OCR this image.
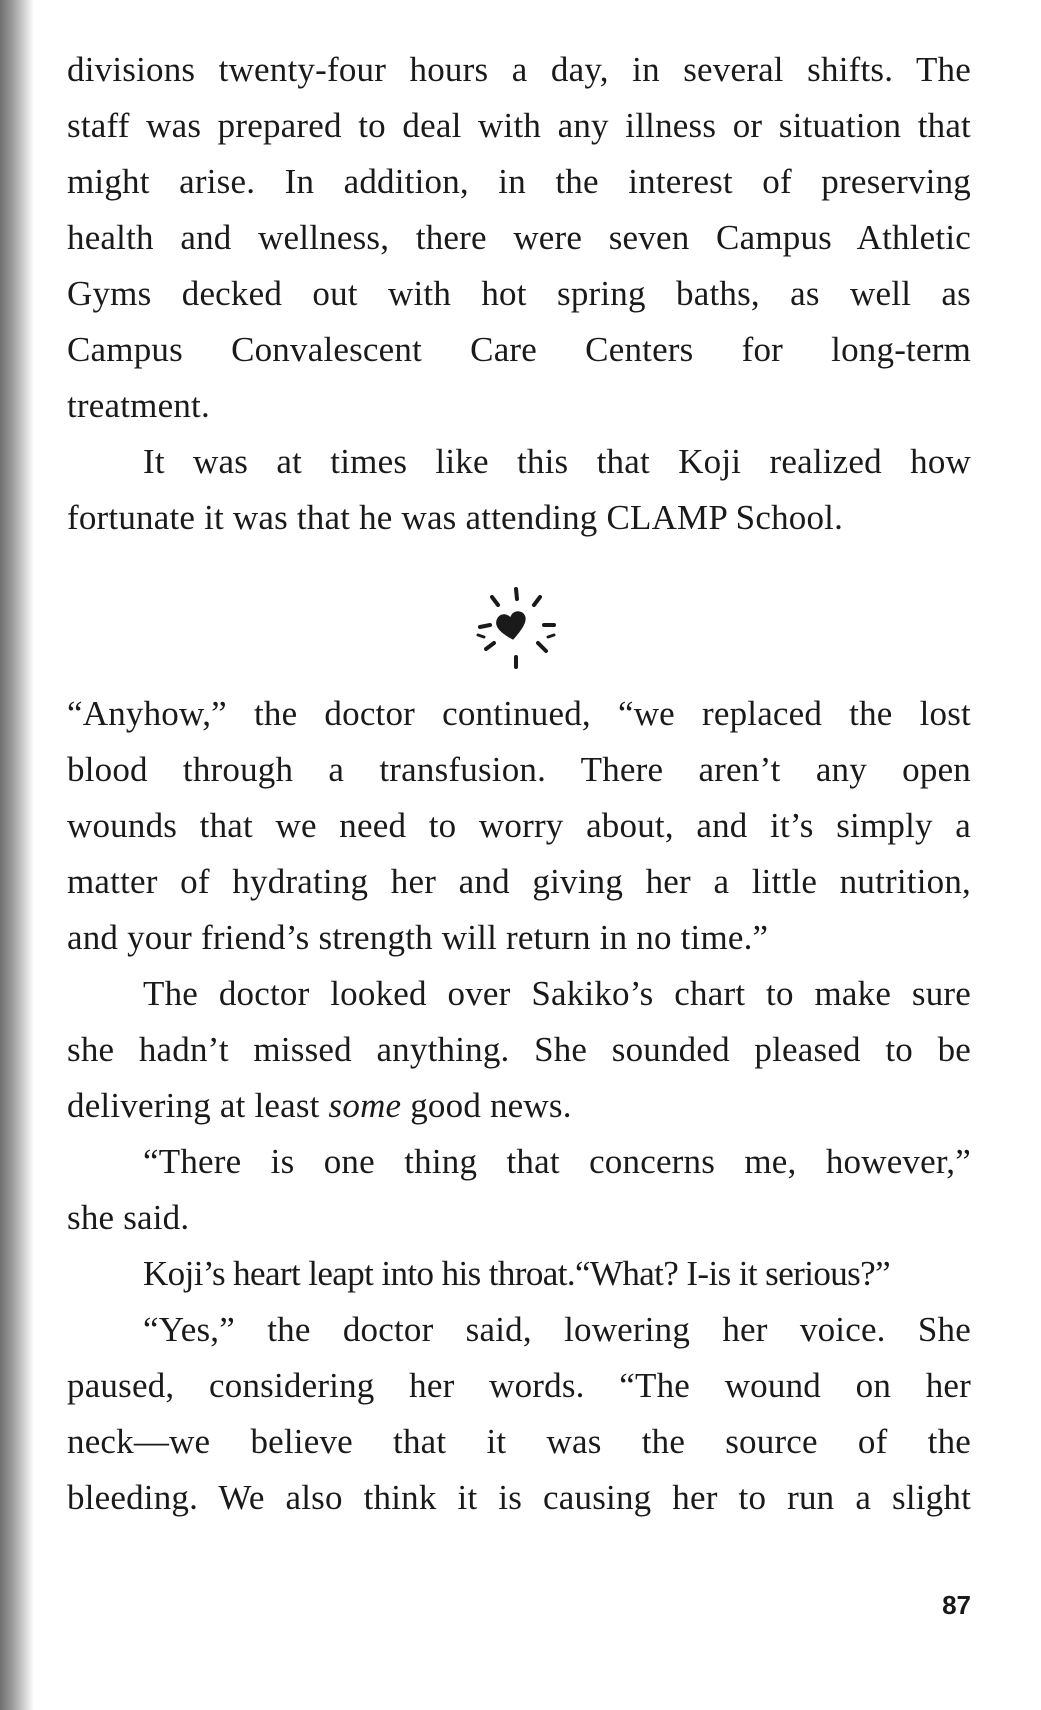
divisions twenty-four hours a day, in several shifts. The
staff was prepared to deal with any illness or situation that
might arise. In addition, in the interest of preserving
health and wellness, there were seven Campus Athletic
Gyms decked out with hot spring baths, as well as
Campus Convalescent Care Centers for long-term
treatment.
It was at times like this that Koji realized how
fortunate it was that he was attending CLAMP School.
“Anyhow,” the doctor continued, “we replaced the lost
blood through a transfusion. There aren’t any open
wounds that we need to worry about, and it’s simply a
matter of hydrating her and giving her a little nutrition,
and your friend’s strength will return in no time.”
The doctor looked over Sakiko’s chart to make sure
she hadn’t missed anything. She sounded pleased to be
delivering at least some good news.
“There is one thing that concerns me, however,”
she said.
Koji’s heart leapt into his throat.“What? I-is it serious?”
“Yes,” the doctor said, lowering her voice. She
paused, considering her words. “The wound on her
neck—we believe that it was the source of the
bleeding. We also think it is causing her to run a slight
87
